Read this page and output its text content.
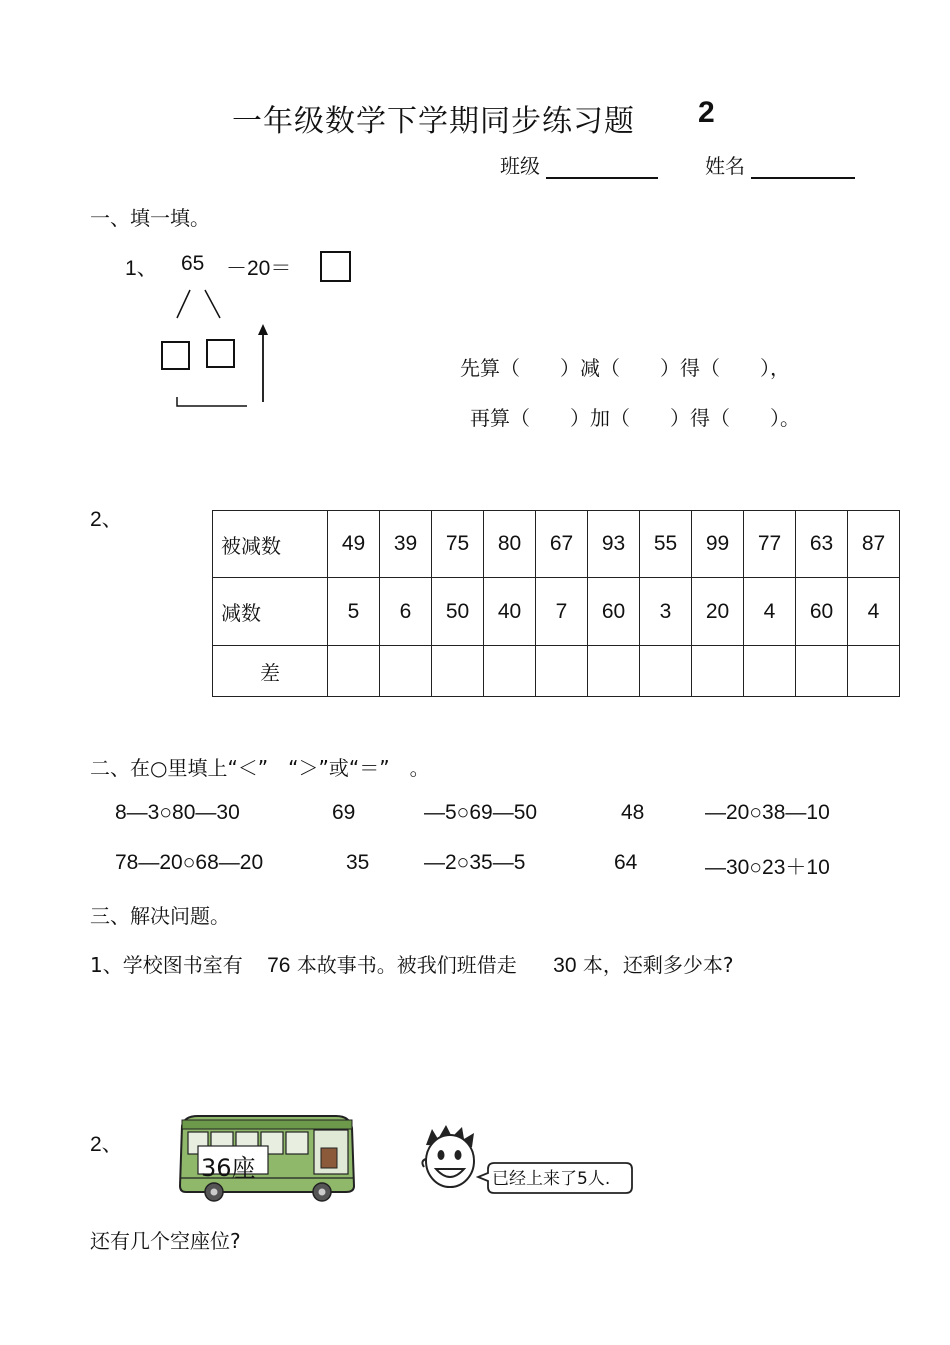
一年级数学下学期同步练习题 2
班级	姓名
一、填一填。
1、 65 －20＝
先算（　　）减（　　）得（　　），
再算（　　）加（　　）得（　　）。
2、
被减数	49	39	75	80	67	93	55	99	77	63	87
减数	5	6	50	40	7	60	3	20	4	60	4
差											
二、在○里填上“＜”　“＞”或“＝”　。
8—3○80—30	69	—5○69—50	48	—20○38—10
78—20○68—20	35	—2○35—5	64	—30○23＋10
三、解决问题。
1、学校图书室有 76 本故事书。被我们班借走 30 本，还剩多少本?
2、
36座	已经上来了5人.
还有几个空座位?
